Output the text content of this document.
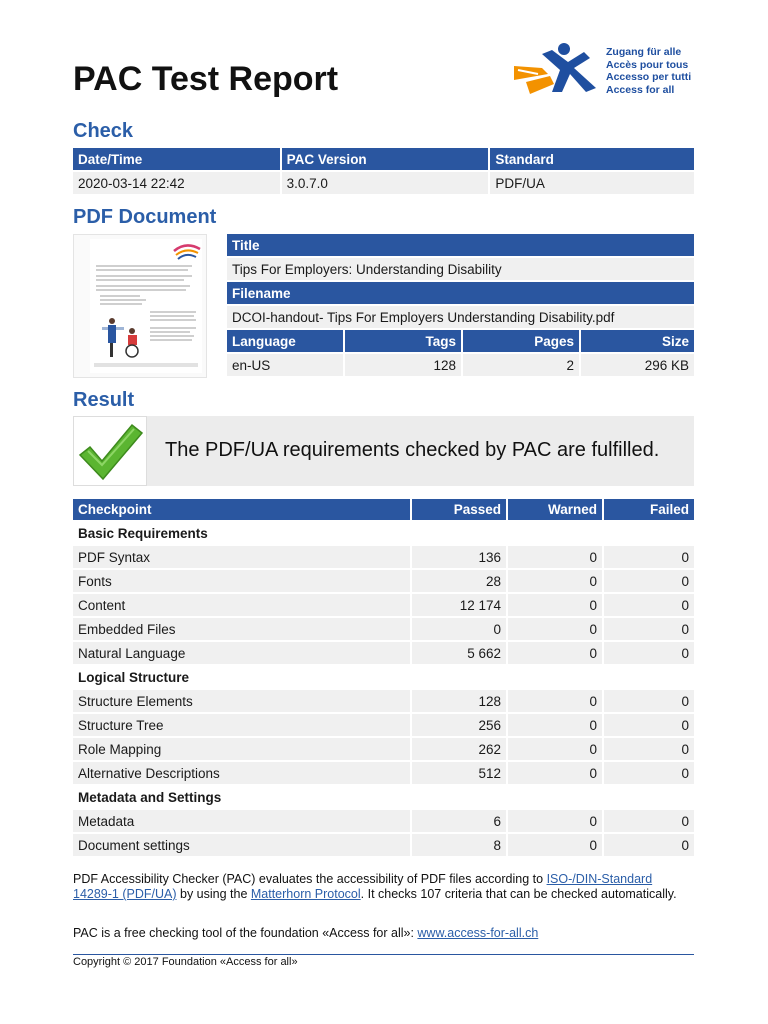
PAC Test Report
Zugang für alle
Accès pour tous
Accesso per tutti
Access for all
Check
Date/Time	PAC Version	Standard

2020-03-14 22:42	3.0.7.0	PDF/UA
PDF Document
Title			

Tips For Employers: Understanding Disability			

Filename			

DCOI-handout- Tips For Employers Understanding Disability.pdf			

Language	Tags	Pages	Size

en-US	128	2	296 KB
Result
The PDF/UA requirements checked by PAC are fulfilled.
Checkpoint	Passed	Warned	Failed

Basic Requirements			

PDF Syntax	136	0	0

Fonts	28	0	0

Content	12 174	0	0

Embedded Files	0	0	0

Natural Language	5 662	0	0

Logical Structure			

Structure Elements	128	0	0

Structure Tree	256	0	0

Role Mapping	262	0	0

Alternative Descriptions	512	0	0

Metadata and Settings			

Metadata	6	0	0

Document settings	8	0	0

PDF Accessibility Checker (PAC) evaluates the accessibility of PDF files according to ISO-/DIN-Standard 14289-1 (PDF/UA) by using the Matterhorn Protocol. It checks 107 criteria that can be checked automatically.

PAC is a free checking tool of the foundation «Access for all»: www.access-for-all.ch

Copyright © 2017 Foundation «Access for all»
